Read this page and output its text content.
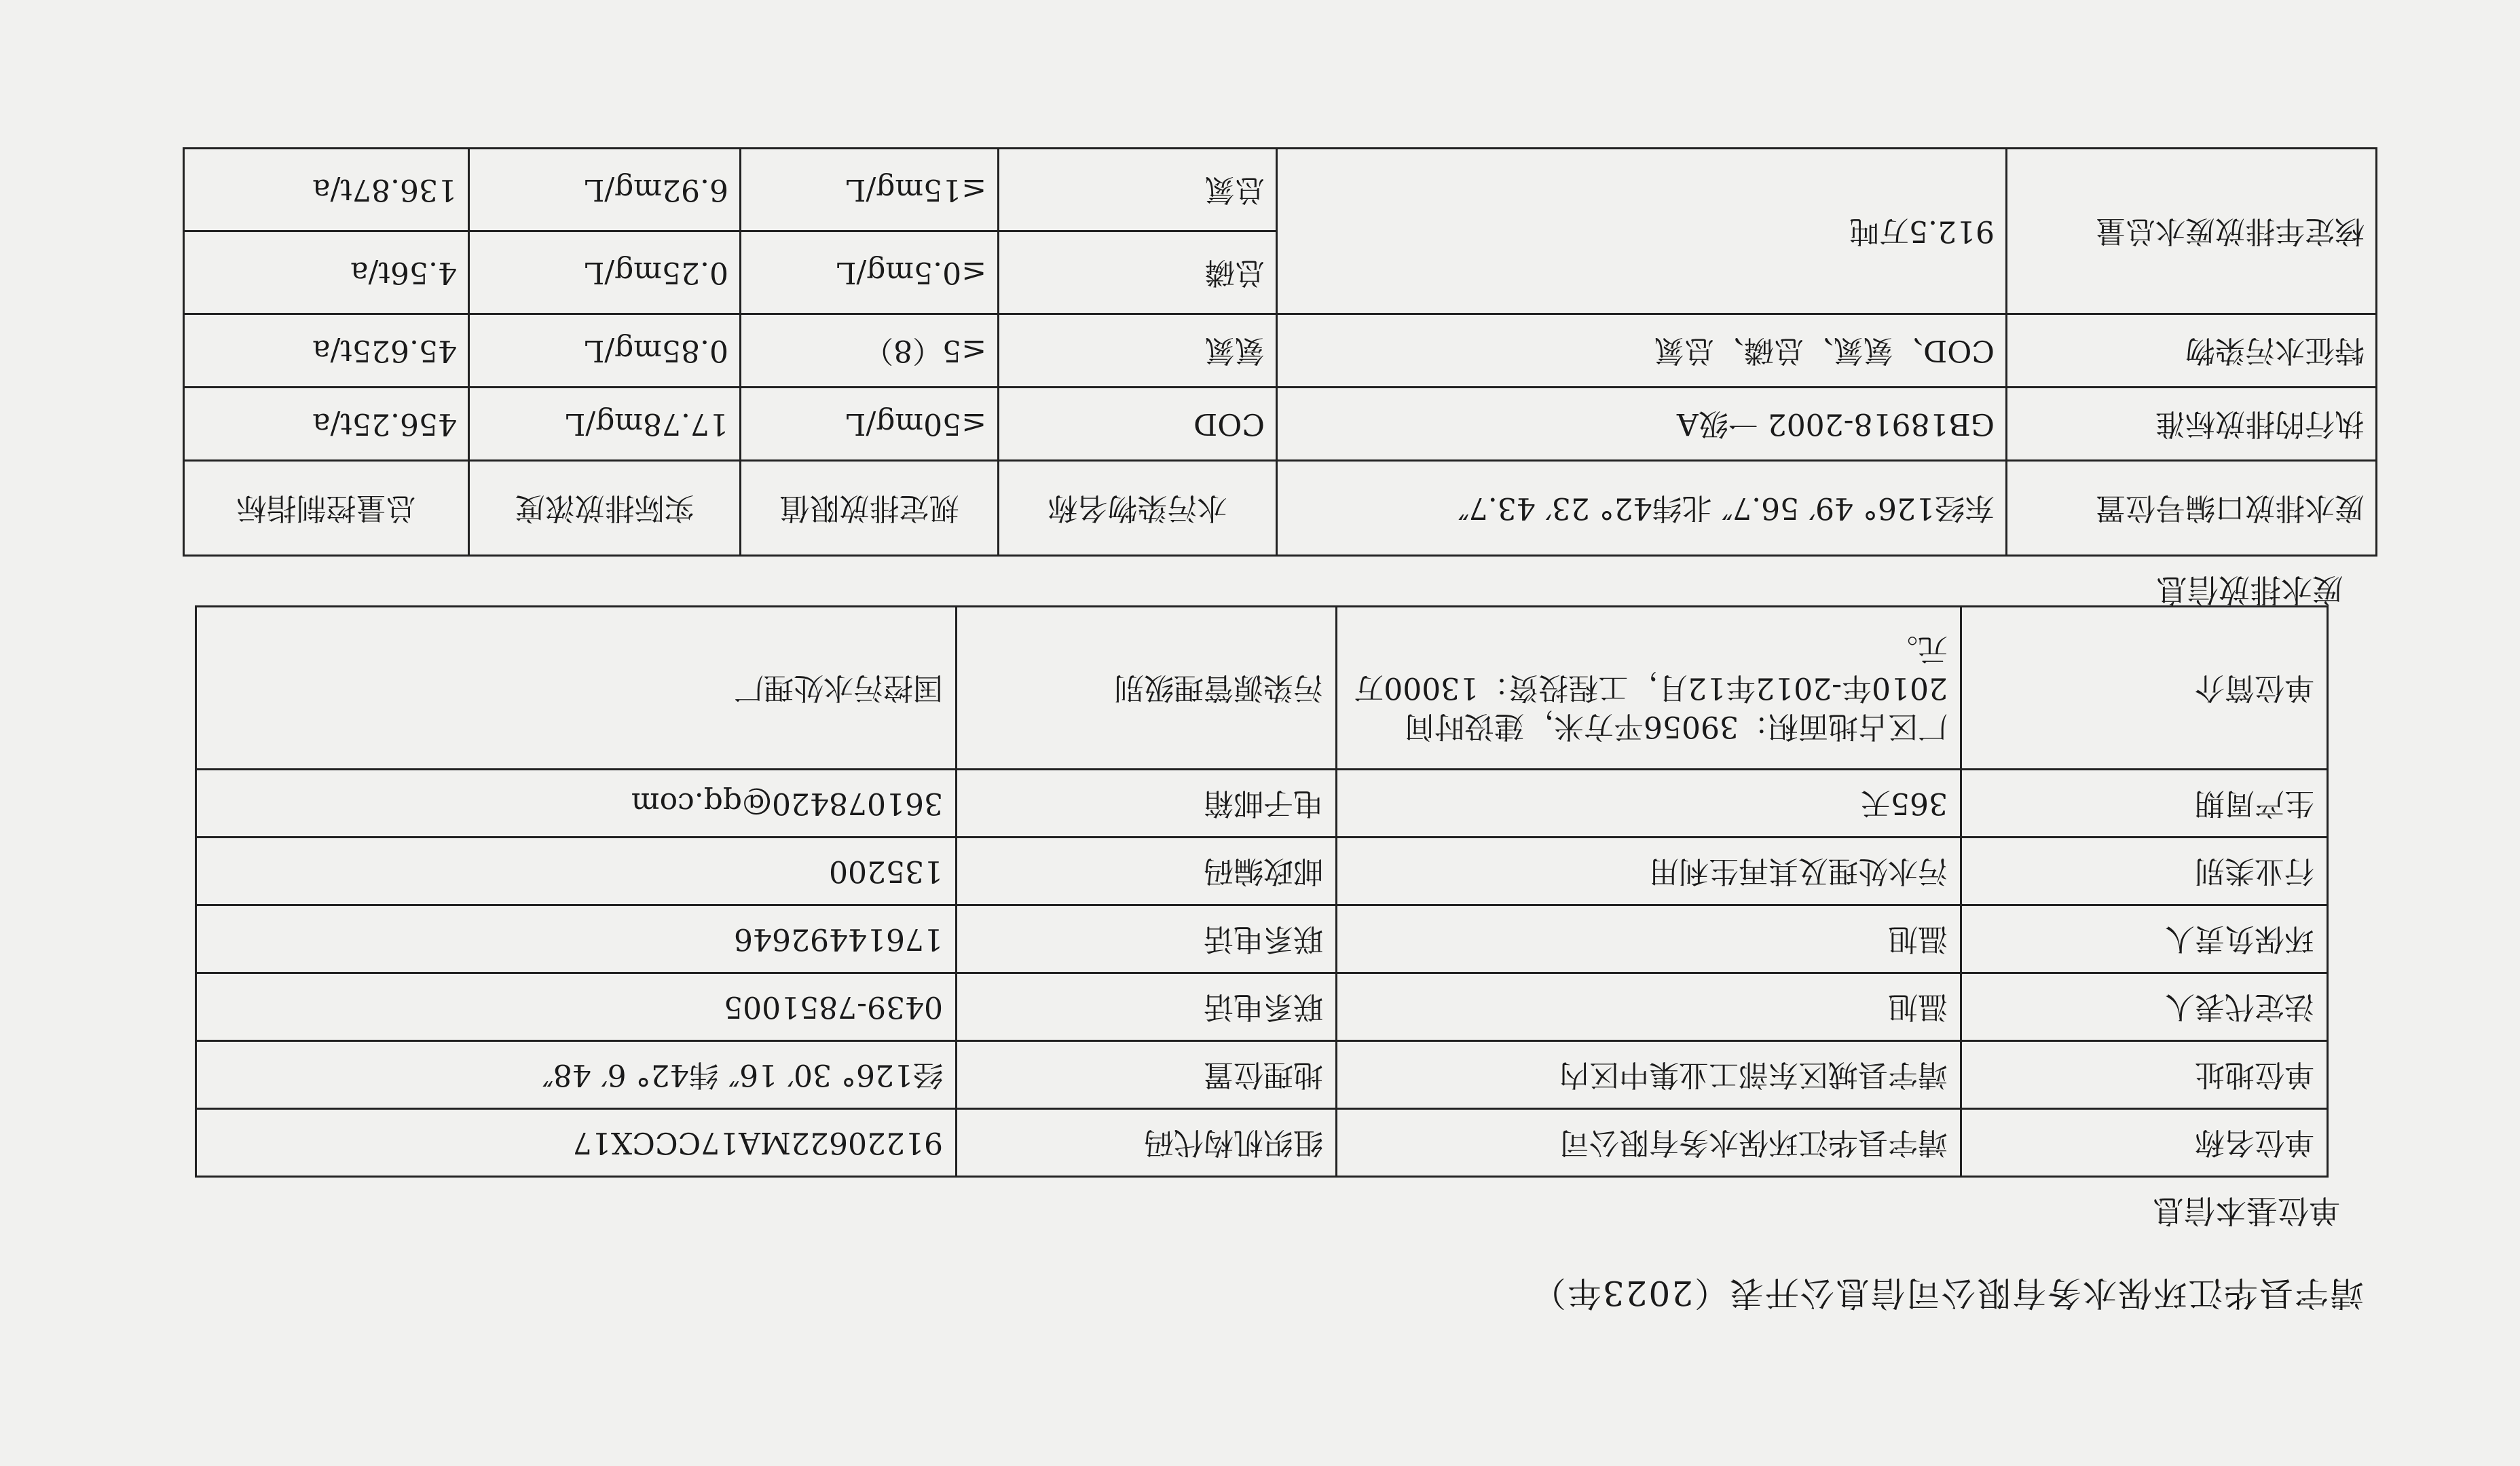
靖宇县华江环保水务有限公司信息公开表（2023年）
单位基本信息
单位名称	靖宇县华江环保水务有限公司	组织机构代码	91220622MA17CCCX17
单位地址	靖宇县城区东部工业集中区内	地理位置	经126° 30′ 16″ 纬42° 6′ 48″
法定代表人	温旭	联系电话	0439-7851005
环保负责人	温旭	联系电话	17614492646
行业类别	污水处理及其再生利用	邮政编码	135200
生产周期	365天	电子邮箱	361078420@qq.com
单位简介	厂区占地面积：39056平方米，建设时间2010年-2012年12月，工程投资：13000万元。	污染源管理级别	国控污水处理厂
废水排放信息
废水排放口编号位置	东经126° 49′ 56.7″ 北纬42° 23′ 43.7″	水污染物名称	规定排放限值	实际排放浓度	总量控制指标
执行的排放标准	GB18918-2002 一级A	COD	≤50mg/L	17.78mg/L	456.25t/a
特征水污染物	COD、氨氮、总磷、总氮	氨氮	≤5（8）	0.85mg/L	45.625t/a
核定年排放废水总量	912.5万吨	总磷	≤0.5mg/L	0.25mg/L	4.56t/a
		总氮	≤15mg/L	6.92mg/L	136.87t/a
